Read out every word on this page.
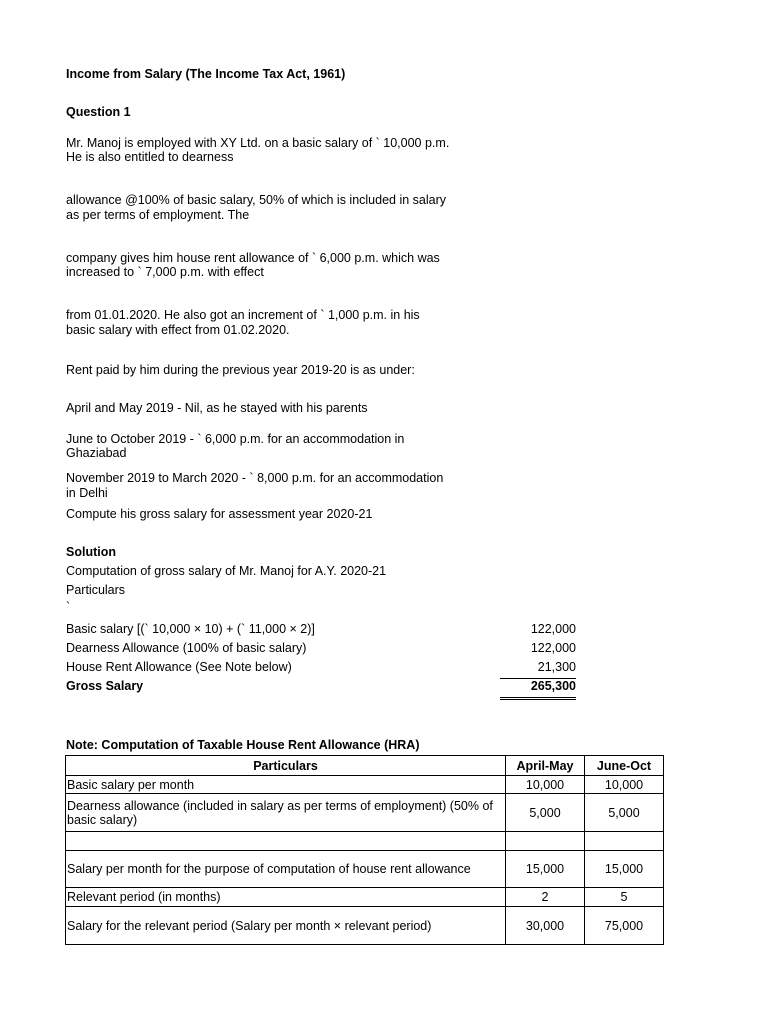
Income from Salary (The Income Tax Act, 1961)
Question 1
Mr. Manoj is employed with XY Ltd. on a basic salary of ` 10,000 p.m.
He is also entitled to dearness
allowance @100% of basic salary, 50% of which is included in salary
as per terms of employment. The
company gives him house rent allowance of ` 6,000 p.m. which was
increased to ` 7,000 p.m. with effect
from 01.01.2020. He also got an increment of ` 1,000 p.m. in his
basic salary with effect from 01.02.2020.
Rent paid by him during the previous year 2019-20 is as under:
April and May 2019 - Nil, as he stayed with his parents
June to October 2019 - ` 6,000 p.m. for an accommodation in
Ghaziabad
November 2019 to March 2020 - ` 8,000 p.m. for an accommodation
in Delhi
Compute his gross salary for assessment year 2020-21
Solution
Computation of gross salary of Mr. Manoj for A.Y. 2020-21
Particulars
`
Basic salary [(` 10,000 × 10) + (` 11,000 × 2)]	122,000
Dearness Allowance (100% of basic salary)	122,000
House Rent Allowance (See Note below)	21,300
Gross Salary	265,300
Note: Computation of Taxable House Rent Allowance (HRA)
Particulars	April-May	June-Oct
Basic salary per month	10,000	10,000
Dearness allowance (included in salary as per terms of employment) (50% of basic salary)	5,000	5,000

Salary per month for the purpose of computation of house rent allowance	15,000	15,000
Relevant period (in months)	2	5
Salary for the relevant period (Salary per month × relevant period)	30,000	75,000
